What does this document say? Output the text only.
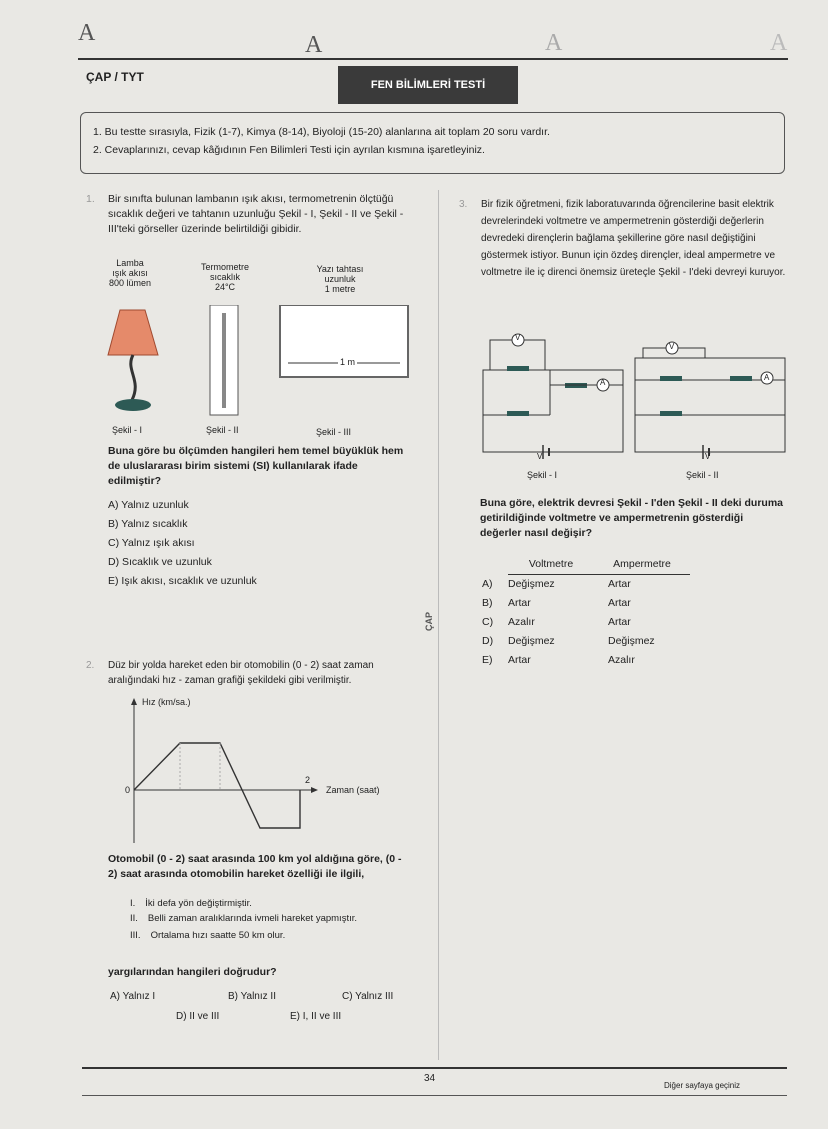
A	A	A	A
ÇAP / TYT
FEN BİLİMLERİ TESTİ
1. Bu testte sırasıyla, Fizik (1-7), Kimya (8-14), Biyoloji (15-20) alanlarına ait toplam 20 soru vardır.
2. Cevaplarınızı, cevap kâğıdının Fen Bilimleri Testi için ayrılan kısmına işaretleyiniz.
ÇAP
1. Bir sınıfta bulunan lambanın ışık akısı, termometrenin ölçtüğü sıcaklık değeri ve tahtanın uzunluğu Şekil - I, Şekil - II ve Şekil - III'teki görseller üzerinde belirtildiği gibidir.
Lamba
ışık akısı
800 lümen
Termometre
sıcaklık
24°C
Yazı tahtası
uzunluk
1 metre
1 m
Şekil - I	Şekil - II	Şekil - III
Buna göre bu ölçümden hangileri hem temel büyüklük hem de uluslararası birim sistemi (SI) kullanılarak ifade edilmiştir?
A) Yalnız uzunluk
B) Yalnız sıcaklık
C) Yalnız ışık akısı
D) Sıcaklık ve uzunluk
E) Işık akısı, sıcaklık ve uzunluk
2. Düz bir yolda hareket eden bir otomobilin (0 - 2) saat zaman aralığındaki hız - zaman grafiği şekildeki gibi verilmiştir.
Hız (km/sa.)
Zaman (saat)
0
2
Otomobil (0 - 2) saat arasında 100 km yol aldığına göre, (0 - 2) saat arasında otomobilin hareket özelliği ile ilgili,
I. İki defa yön değiştirmiştir.
II. Belli zaman aralıklarında ivmeli hareket yapmıştır.
III. Ortalama hızı saatte 50 km olur.
yargılarından hangileri doğrudur?
A) Yalnız I	B) Yalnız II	C) Yalnız III
D) II ve III	E) I, II ve III
3. Bir fizik öğretmeni, fizik laboratuvarında öğrencilerine basit elektrik devrelerindeki voltmetre ve ampermetrenin gösterdiği değerlerin devredeki dirençlerin bağlama şekillerine göre nasıl değiştiğini göstermek istiyor. Bunun için özdeş dirençler, ideal ampermetre ve voltmetre ile iç direnci önemsiz üreteçle Şekil - I'deki devreyi kuruyor.
V
A
V
A
V	V
Şekil - I	Şekil - II
Buna göre, elektrik devresi Şekil - I'den Şekil - II deki duruma getirildiğinde voltmetre ve ampermetrenin gösterdiği değerler nasıl değişir?
	Voltmetre	Ampermetre
A)	Değişmez	Artar
B)	Artar	Artar
C)	Azalır	Artar
D)	Değişmez	Değişmez
E)	Artar	Azalır
34
Diğer sayfaya geçiniz
